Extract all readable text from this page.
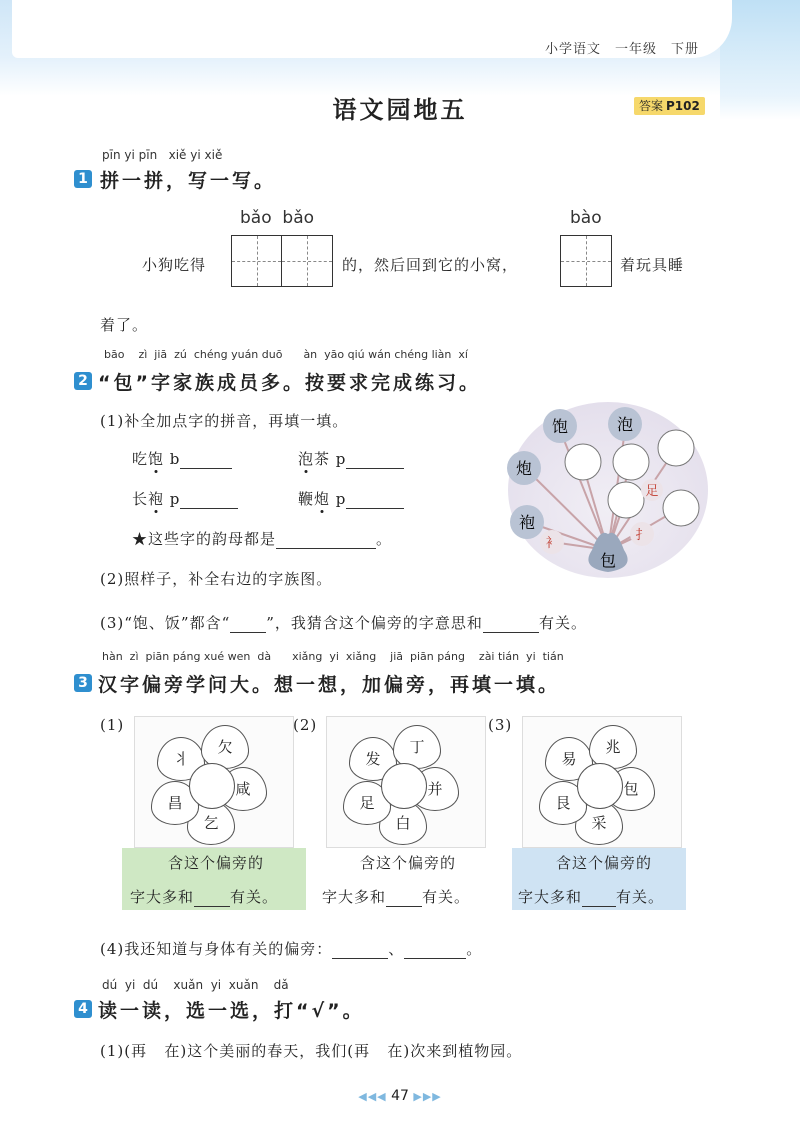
小学语文 一年级 下册
语文园地五	答案 P102
pīn yi pīn   xiě yi xiě
1 拼一拼，写一写。
bǎo  bǎo	bào
小狗吃得	的，然后回到它的小窝，	着玩具睡
着了。
bāo    zì  jiā  zú  chéng yuán duō      àn  yāo qiú wán chéng liàn  xí
2 “包”字家族成员多。按要求完成练习。
(1)补全加点字的拼音，再填一填。
吃饱 b	泡茶 p
长袍 p	鞭炮 p
★这些字的韵母都是	。
(2)照样子，补全右边的字族图。
(3)“饱、饭”都含“ ”，我猜含这个偏旁的字意思和	有关。
饱	泡
炮
袍
包
衤
足
扌
hàn  zì  piān páng xué wen  dà      xiǎng  yi  xiǎng    jiā  piān páng    zài tián  yi  tián
3 汉字偏旁学问大。想一想，加偏旁，再填一填。
(1)
丬
欠
咸
乞
昌
含这个偏旁的
字大多和 有关。
(2)
发
丁
并
白
足
含这个偏旁的
字大多和 有关。
(3)
易
兆
包
采
艮
含这个偏旁的
字大多和 有关。
(4)我还知道与身体有关的偏旁：	、	。
dú  yi  dú    xuǎn  yi  xuǎn    dǎ
4 读一读，选一选，打“√”。
(1)(再   在)这个美丽的春天，我们(再   在)次来到植物园。
◀◀◀ 47 ▶▶▶
